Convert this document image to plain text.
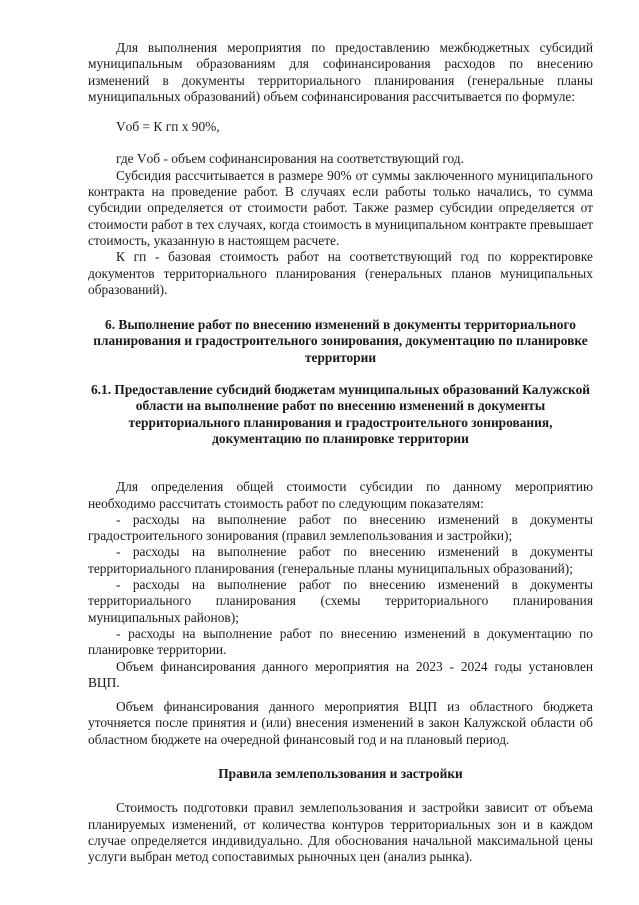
Для выполнения мероприятия по предоставлению межбюджетных субсидий муниципальным образованиям для софинансирования расходов по внесению изменений в документы территориального планирования (генеральные планы муниципальных образований) объем софинансирования рассчитывается по формуле:

Vоб = К гп х 90%,

где Vоб - объем софинансирования на соответствующий год.

Субсидия рассчитывается в размере 90% от суммы заключенного муниципального контракта на проведение работ. В случаях если работы только начались, то сумма субсидии определяется от стоимости работ. Также размер субсидии определяется от стоимости работ в тех случаях, когда стоимость в муниципальном контракте превышает стоимость, указанную в настоящем расчете.

К гп - базовая стоимость работ на соответствующий год по корректировке документов территориального планирования (генеральных планов муниципальных образований).

6. Выполнение работ по внесению изменений в документы территориального планирования и градостроительного зонирования, документацию по планировке территории

6.1. Предоставление субсидий бюджетам муниципальных образований Калужской области на выполнение работ по внесению изменений в документы территориального планирования и градостроительного зонирования, документацию по планировке территории

Для определения общей стоимости субсидии по данному мероприятию необходимо рассчитать стоимость работ по следующим показателям:

- расходы на выполнение работ по внесению изменений в документы градостроительного зонирования (правил землепользования и застройки);

- расходы на выполнение работ по внесению изменений в документы территориального планирования (генеральные планы муниципальных образований);

- расходы на выполнение работ по внесению изменений в документы территориального планирования (схемы территориального планирования муниципальных районов);

- расходы на выполнение работ по внесению изменений в документацию по планировке территории.

Объем финансирования данного мероприятия на 2023 - 2024 годы установлен ВЦП.

Объем финансирования данного мероприятия ВЦП из областного бюджета уточняется после принятия и (или) внесения изменений в закон Калужской области об областном бюджете на очередной финансовый год и на плановый период.

Правила землепользования и застройки

Стоимость подготовки правил землепользования и застройки зависит от объема планируемых изменений, от количества контуров территориальных зон и в каждом случае определяется индивидуально. Для обоснования начальной максимальной цены услуги выбран метод сопоставимых рыночных цен (анализ рынка).
